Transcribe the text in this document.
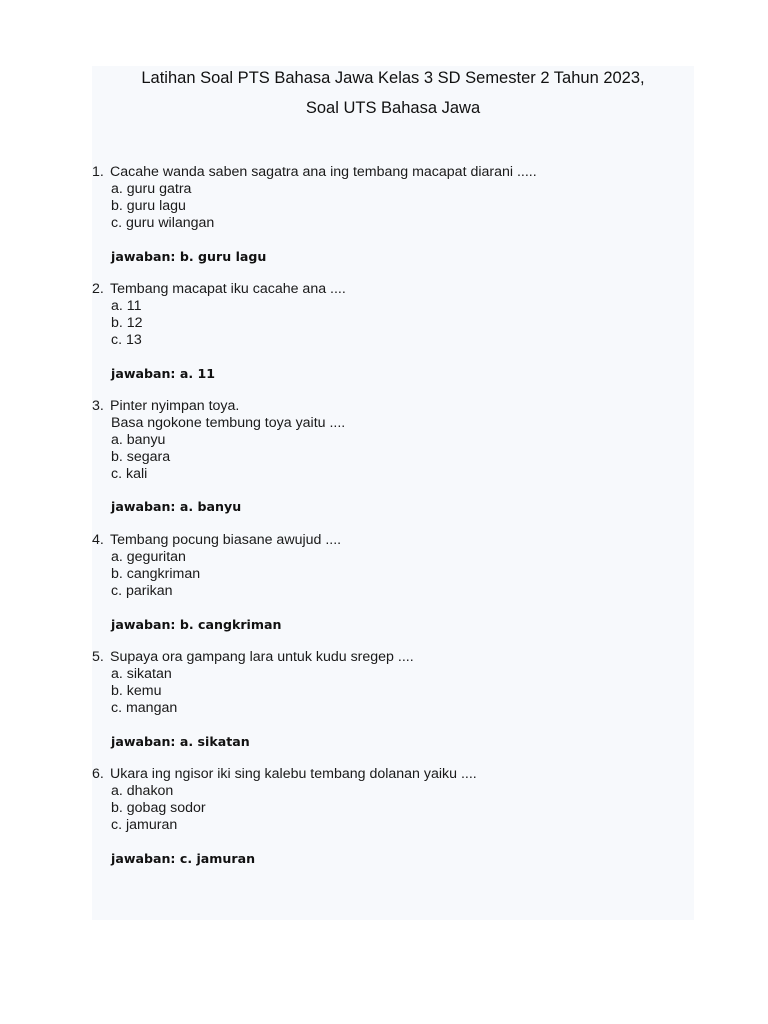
Latihan Soal PTS Bahasa Jawa Kelas 3 SD Semester 2 Tahun 2023,
Soal UTS Bahasa Jawa
1. Cacahe wanda saben sagatra ana ing tembang macapat diarani .....
a. guru gatra
b. guru lagu
c. guru wilangan
jawaban: b. guru lagu
2. Tembang macapat iku cacahe ana ....
a. 11
b. 12
c. 13
jawaban: a. 11
3. Pinter nyimpan toya.
Basa ngokone tembung toya yaitu ....
a. banyu
b. segara
c. kali
jawaban: a. banyu
4. Tembang pocung biasane awujud ....
a. geguritan
b. cangkriman
c. parikan
jawaban: b. cangkriman
5. Supaya ora gampang lara untuk kudu sregep ....
a. sikatan
b. kemu
c. mangan
jawaban: a. sikatan
6. Ukara ing ngisor iki sing kalebu tembang dolanan yaiku ....
a. dhakon
b. gobag sodor
c. jamuran
jawaban: c. jamuran
